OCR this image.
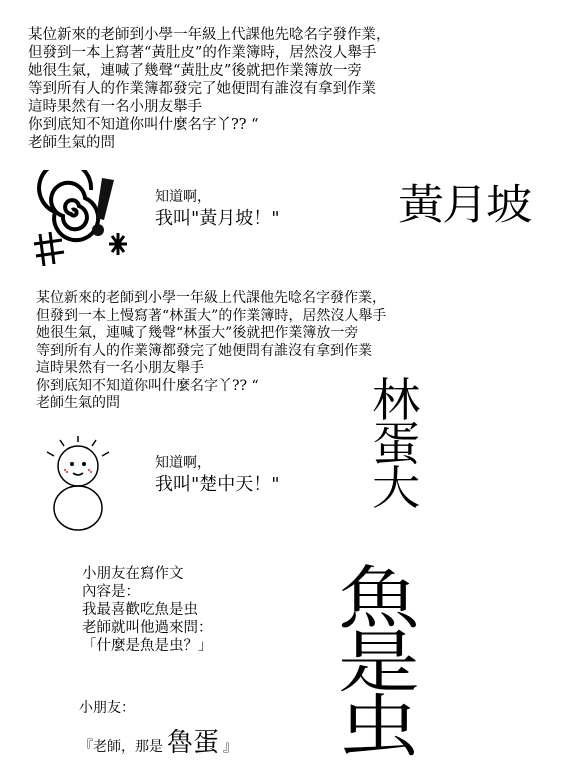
某位新來的老師到小學一年級上代課他先唸名字發作業，
但發到一本上寫著“黃肚皮”的作業簿時，居然沒人舉手
她很生氣，連喊了幾聲“黃肚皮”後就把作業簿放一旁
等到所有人的作業簿都發完了她便問有誰沒有拿到作業
這時果然有一名小朋友舉手
你到底知不知道你叫什麼名字丫?? “
老師生氣的問
知道啊，
我叫"黃月坡！"	黃月坡
某位新來的老師到小學一年級上代課他先唸名字發作業，
但發到一本上慢寫著“林蛋大”的作業簿時，居然沒人舉手
她很生氣，連喊了幾聲“林蛋大”後就把作業簿放一旁
等到所有人的作業簿都發完了她便問有誰沒有拿到作業
這時果然有一名小朋友舉手
你到底知不知道你叫什麼名字丫?? “
老師生氣的問
知道啊，
我叫"楚中天！"
林
蛋
大
小朋友在寫作文
內容是：
我最喜歡吃魚是虫
老師就叫他過來問：
「什麼是魚是虫？」
小朋友：
『老師，那是 魯蛋 』
魚
是
虫
